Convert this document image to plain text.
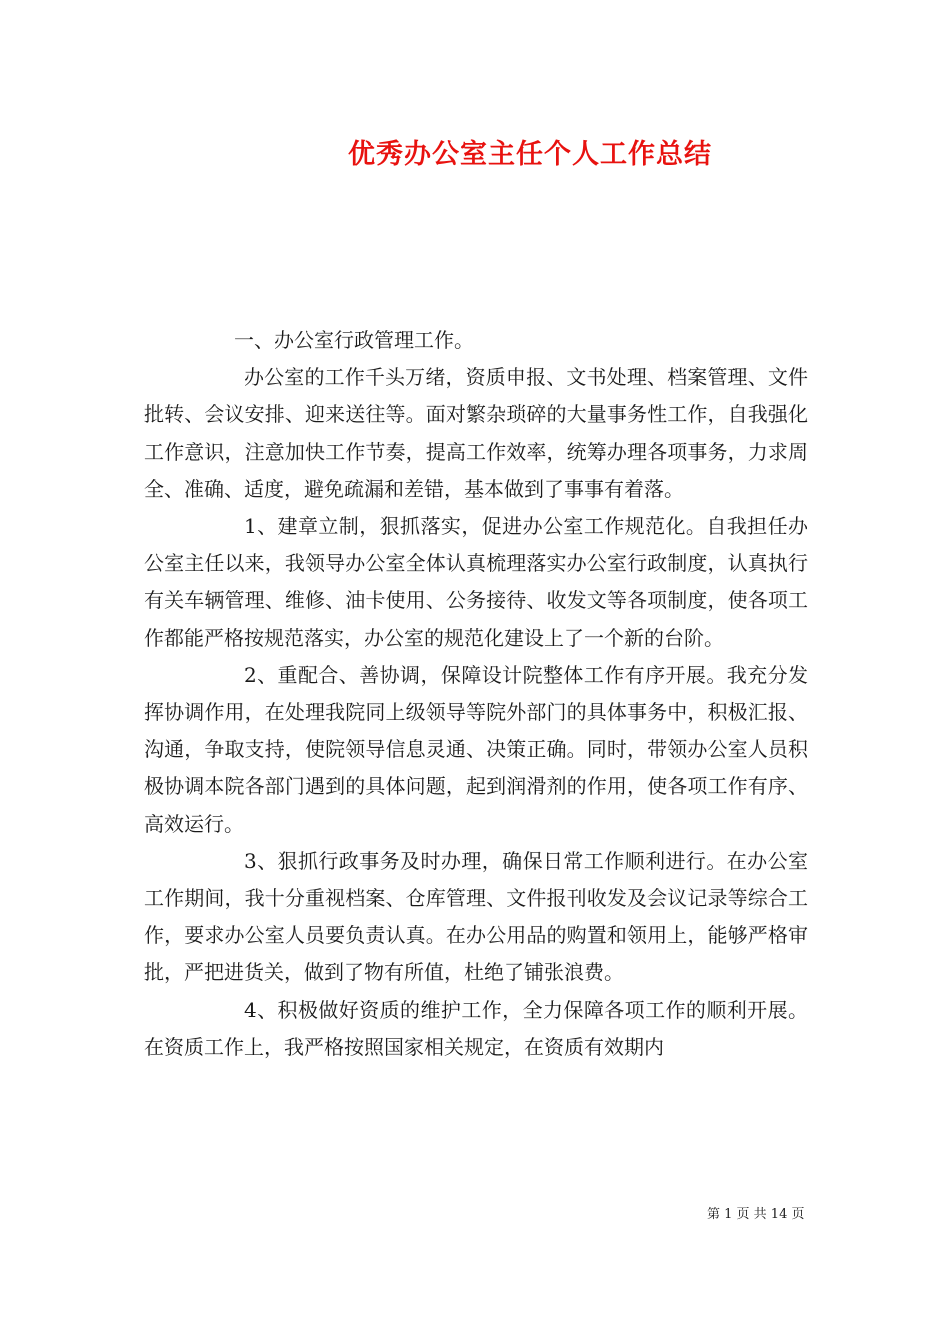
优秀办公室主任个人工作总结

一、办公室行政管理工作。

办公室的工作千头万绪，资质申报、文书处理、档案管理、文件批转、会议安排、迎来送往等。面对繁杂琐碎的大量事务性工作，自我强化工作意识，注意加快工作节奏，提高工作效率，统筹办理各项事务，力求周全、准确、适度，避免疏漏和差错，基本做到了事事有着落。

1、建章立制，狠抓落实，促进办公室工作规范化。自我担任办公室主任以来，我领导办公室全体认真梳理落实办公室行政制度，认真执行有关车辆管理、维修、油卡使用、公务接待、收发文等各项制度，使各项工作都能严格按规范落实，办公室的规范化建设上了一个新的台阶。

2、重配合、善协调，保障设计院整体工作有序开展。我充分发挥协调作用，在处理我院同上级领导等院外部门的具体事务中，积极汇报、沟通，争取支持，使院领导信息灵通、决策正确。同时，带领办公室人员积极协调本院各部门遇到的具体问题，起到润滑剂的作用，使各项工作有序、高效运行。

3、狠抓行政事务及时办理，确保日常工作顺利进行。在办公室工作期间，我十分重视档案、仓库管理、文件报刊收发及会议记录等综合工作，要求办公室人员要负责认真。在办公用品的购置和领用上，能够严格审批，严把进货关，做到了物有所值，杜绝了铺张浪费。

4、积极做好资质的维护工作，全力保障各项工作的顺利开展。在资质工作上，我严格按照国家相关规定，在资质有效期内

第 1 页 共 14 页
